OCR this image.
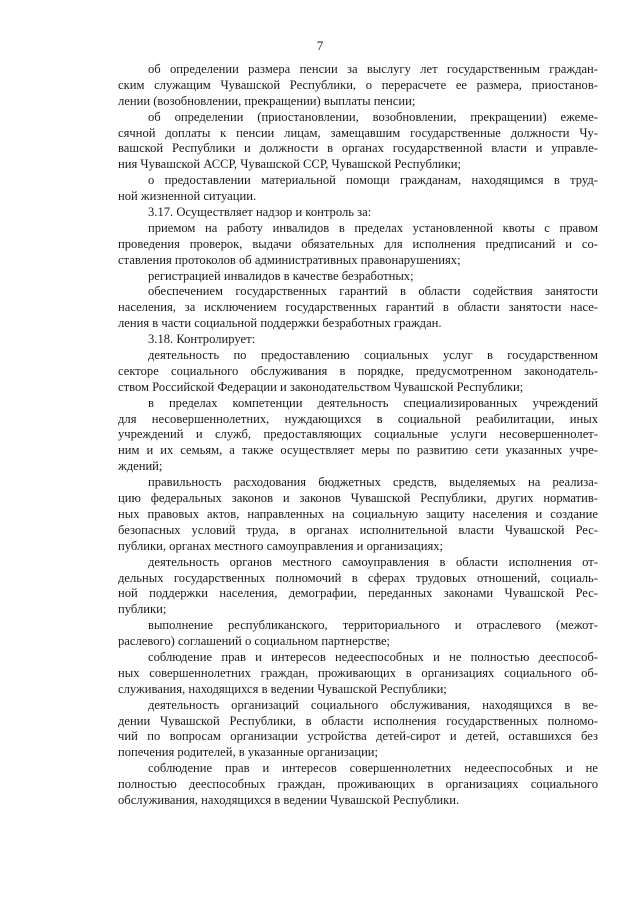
7
об определении размера пенсии за выслугу лет государственным граждан-
ским служащим Чувашской Республики, о перерасчете ее размера, приостанов-
лении (возобновлении, прекращении) выплаты пенсии;
об определении (приостановлении, возобновлении, прекращении) ежеме-
сячной доплаты к пенсии лицам, замещавшим государственные должности Чу-
вашской Республики и должности в органах государственной власти и управле-
ния Чувашской АССР, Чувашской ССР, Чувашской Республики;
о предоставлении материальной помощи гражданам, находящимся в труд-
ной жизненной ситуации.
3.17. Осуществляет надзор и контроль за:
приемом на работу инвалидов в пределах установленной квоты с правом
проведения проверок, выдачи обязательных для исполнения предписаний и со-
ставления протоколов об административных правонарушениях;
регистрацией инвалидов в качестве безработных;
обеспечением государственных гарантий в области содействия занятости
населения, за исключением государственных гарантий в области занятости насе-
ления в части социальной поддержки безработных граждан.
3.18. Контролирует:
деятельность по предоставлению социальных услуг в государственном
секторе социального обслуживания в порядке, предусмотренном законодатель-
ством Российской Федерации и законодательством Чувашской Республики;
в пределах компетенции деятельность специализированных учреждений
для несовершеннолетних, нуждающихся в социальной реабилитации, иных
учреждений и служб, предоставляющих социальные услуги несовершеннолет-
ним и их семьям, а также осуществляет меры по развитию сети указанных учре-
ждений;
правильность расходования бюджетных средств, выделяемых на реализа-
цию федеральных законов и законов Чувашской Республики, других норматив-
ных правовых актов, направленных на социальную защиту населения и создание
безопасных условий труда, в органах исполнительной власти Чувашской Рес-
публики, органах местного самоуправления и организациях;
деятельность органов местного самоуправления в области исполнения от-
дельных государственных полномочий в сферах трудовых отношений, социаль-
ной поддержки населения, демографии, переданных законами Чувашской Рес-
публики;
выполнение республиканского, территориального и отраслевого (межот-
раслевого) соглашений о социальном партнерстве;
соблюдение прав и интересов недееспособных и не полностью дееспособ-
ных совершеннолетних граждан, проживающих в организациях социального об-
служивания, находящихся в ведении Чувашской Республики;
деятельность организаций социального обслуживания, находящихся в ве-
дении Чувашской Республики, в области исполнения государственных полномо-
чий по вопросам организации устройства детей-сирот и детей, оставшихся без
попечения родителей, в указанные организации;
соблюдение прав и интересов совершеннолетних недееспособных и не
полностью дееспособных граждан, проживающих в организациях социального
обслуживания, находящихся в ведении Чувашской Республики.
